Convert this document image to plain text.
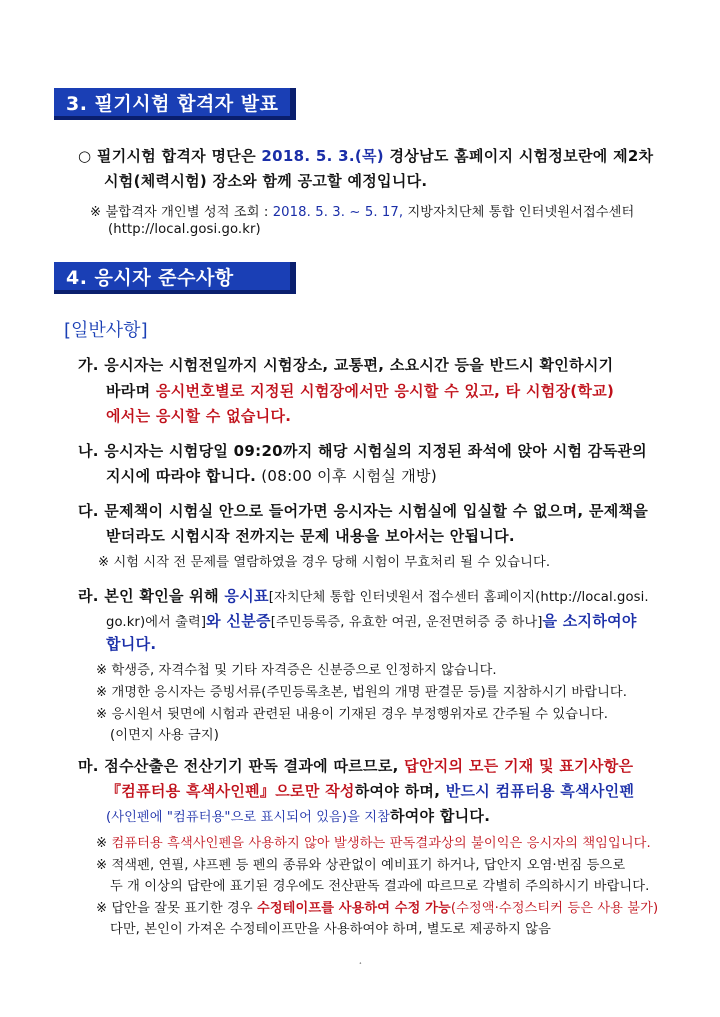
3. 필기시험 합격자 발표
○ 필기시험 합격자 명단은 2018. 5. 3.(목) 경상남도 홈페이지 시험정보란에 제2차
시험(체력시험) 장소와 함께 공고할 예정입니다.
※ 불합격자 개인별 성적 조회 : 2018. 5. 3. ~ 5. 17, 지방자치단체 통합 인터넷원서접수센터
(http://local.gosi.go.kr)
4. 응시자 준수사항
[일반사항]
가. 응시자는 시험전일까지 시험장소, 교통편, 소요시간 등을 반드시 확인하시기
바라며 응시번호별로 지정된 시험장에서만 응시할 수 있고, 타 시험장(학교)
에서는 응시할 수 없습니다.
나. 응시자는 시험당일 09:20까지 해당 시험실의 지정된 좌석에 앉아 시험 감독관의
지시에 따라야 합니다. (08:00 이후 시험실 개방)
다. 문제책이 시험실 안으로 들어가면 응시자는 시험실에 입실할 수 없으며, 문제책을
받더라도 시험시작 전까지는 문제 내용을 보아서는 안됩니다.
※ 시험 시작 전 문제를 열람하였을 경우 당해 시험이 무효처리 될 수 있습니다.
라. 본인 확인을 위해 응시표[자치단체 통합 인터넷원서 접수센터 홈페이지(http://local.gosi.
go.kr)에서 출력]와 신분증[주민등록증, 유효한 여권, 운전면허증 중 하나]을 소지하여야
합니다.
※ 학생증, 자격수첩 및 기타 자격증은 신분증으로 인정하지 않습니다.
※ 개명한 응시자는 증빙서류(주민등록초본, 법원의 개명 판결문 등)를 지참하시기 바랍니다.
※ 응시원서 뒷면에 시험과 관련된 내용이 기재된 경우 부정행위자로 간주될 수 있습니다.
(이면지 사용 금지)
마. 점수산출은 전산기기 판독 결과에 따르므로, 답안지의 모든 기재 및 표기사항은
『컴퓨터용 흑색사인펜』으로만 작성하여야 하며, 반드시 컴퓨터용 흑색사인펜
(사인펜에 "컴퓨터용"으로 표시되어 있음)을 지참하여야 합니다.
※ 컴퓨터용 흑색사인펜을 사용하지 않아 발생하는 판독결과상의 불이익은 응시자의 책임입니다.
※ 적색펜, 연필, 샤프펜 등 펜의 종류와 상관없이 예비표기 하거나, 답안지 오염·번짐 등으로
두 개 이상의 답란에 표기된 경우에도 전산판독 결과에 따르므로 각별히 주의하시기 바랍니다.
※ 답안을 잘못 표기한 경우 수정테이프를 사용하여 수정 가능(수정액·수정스티커 등은 사용 불가)
다만, 본인이 가져온 수정테이프만을 사용하여야 하며, 별도로 제공하지 않음
- 2 -
